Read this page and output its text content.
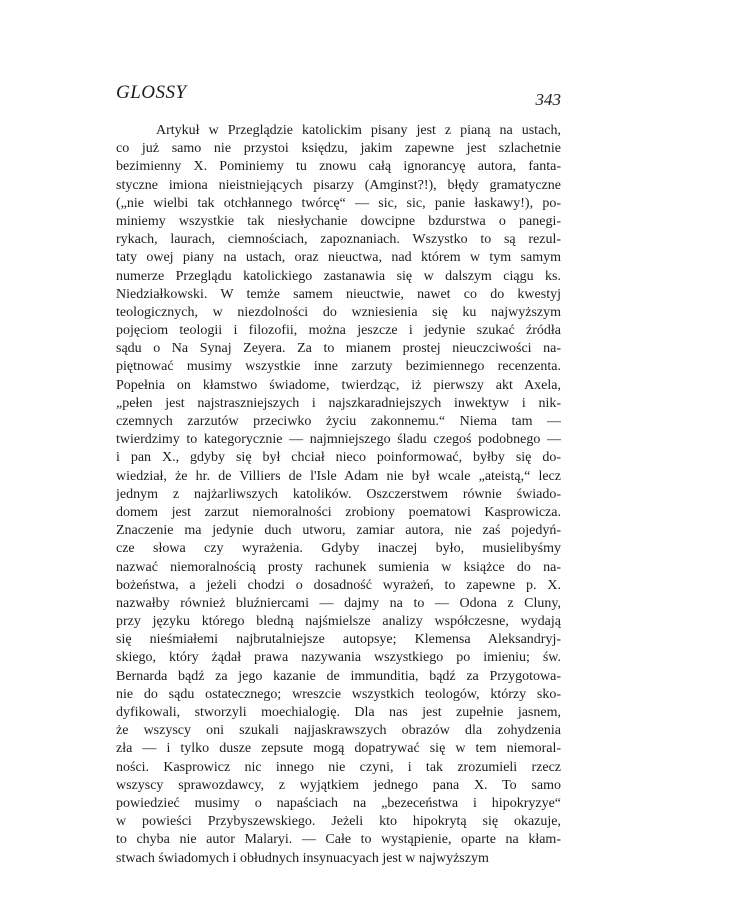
GLOSSY	343
Artykuł w Przeglądzie katolickim pisany jest z pianą na ustach,
co już samo nie przystoi księdzu, jakim zapewne jest szlachetnie
bezimienny X. Pominiemy tu znowu całą ignorancyę autora, fanta-
styczne imiona nieistniejących pisarzy (Amginst?!), błędy gramatyczne
(„nie wielbi tak otchłannego twórcę“ — sic, sic, panie łaskawy!), po-
miniemy wszystkie tak niesłychanie dowcipne bzdurstwa o panegi-
rykach, laurach, ciemnościach, zapoznaniach. Wszystko to są rezul-
taty owej piany na ustach, oraz nieuctwa, nad którem w tym samym
numerze Przeglądu katolickiego zastanawia się w dalszym ciągu ks.
Niedziałkowski. W temże samem nieuctwie, nawet co do kwestyj
teologicznych, w niezdolności do wzniesienia się ku najwyższym
pojęciom teologii i filozofii, można jeszcze i jedynie szukać źródła
sądu o Na Synaj Zeyera. Za to mianem prostej nieuczciwości na-
piętnować musimy wszystkie inne zarzuty bezimiennego recenzenta.
Popełnia on kłamstwo świadome, twierdząc, iż pierwszy akt Axela,
„pełen jest najstraszniejszych i najszkaradniejszych inwektyw i nik-
czemnych zarzutów przeciwko życiu zakonnemu.“ Niema tam —
twierdzimy to kategorycznie — najmniejszego śladu czegoś podobnego —
i pan X., gdyby się był chciał nieco poinformować, byłby się do-
wiedział, że hr. de Villiers de l'Isle Adam nie był wcale „ateistą,“ lecz
jednym z najżarliwszych katolików. Oszczerstwem równie świado-
domem jest zarzut niemoralności zrobiony poematowi Kasprowicza.
Znaczenie ma jedynie duch utworu, zamiar autora, nie zaś pojedyń-
cze słowa czy wyrażenia. Gdyby inaczej było, musielibyśmy
nazwać niemoralnością prosty rachunek sumienia w książce do na-
bożeństwa, a jeżeli chodzi o dosadność wyrażeń, to zapewne p. X.
nazwałby również bluźniercami — dajmy na to — Odona z Cluny,
przy języku którego bledną najśmielsze analizy współczesne, wydają
się nieśmiałemi najbrutalniejsze autopsye; Klemensa Aleksandryj-
skiego, który żądał prawa nazywania wszystkiego po imieniu; św.
Bernarda bądź za jego kazanie de immunditia, bądź za Przygotowa-
nie do sądu ostatecznego; wreszcie wszystkich teologów, którzy sko-
dyfikowali, stworzyli moechialogię. Dla nas jest zupełnie jasnem,
że wszyscy oni szukali najjaskrawszych obrazów dla zohydzenia
zła — i tylko dusze zepsute mogą dopatrywać się w tem niemoral-
ności. Kasprowicz nic innego nie czyni, i tak zrozumieli rzecz
wszyscy sprawozdawcy, z wyjątkiem jednego pana X. To samo
powiedzieć musimy o napaściach na „bezeceństwa i hipokryzye“
w powieści Przybyszewskiego. Jeżeli kto hipokrytą się okazuje,
to chyba nie autor Malaryi. — Całe to wystąpienie, oparte na kłam-
stwach świadomych i obłudnych insynuacyach jest w najwyższym
